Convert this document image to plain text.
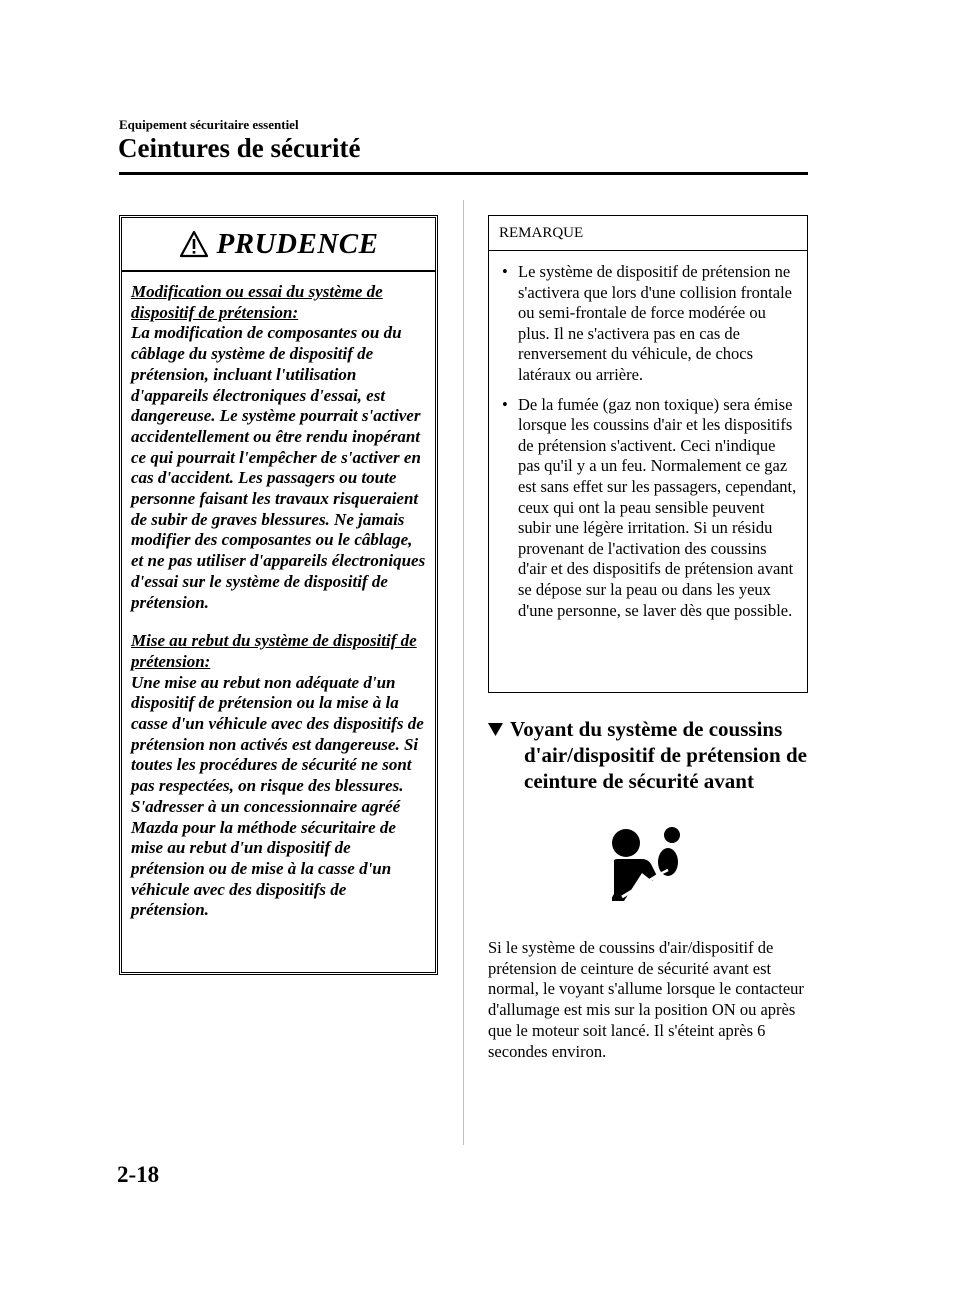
Equipement sécuritaire essentiel
Ceintures de sécurité
PRUDENCE

Modification ou essai du système de dispositif de prétension:

La modification de composantes ou du câblage du système de dispositif de prétension, incluant l'utilisation d'appareils électroniques d'essai, est dangereuse. Le système pourrait s'activer accidentellement ou être rendu inopérant ce qui pourrait l'empêcher de s'activer en cas d'accident. Les passagers ou toute personne faisant les travaux risqueraient de subir de graves blessures. Ne jamais modifier des composantes ou le câblage, et ne pas utiliser d'appareils électroniques d'essai sur le système de dispositif de prétension.

Mise au rebut du système de dispositif de prétension:

Une mise au rebut non adéquate d'un dispositif de prétension ou la mise à la casse d'un véhicule avec des dispositifs de prétension non activés est dangereuse. Si toutes les procédures de sécurité ne sont pas respectées, on risque des blessures. S'adresser à un concessionnaire agréé Mazda pour la méthode sécuritaire de mise au rebut d'un dispositif de prétension ou de mise à la casse d'un véhicule avec des dispositifs de prétension.

REMARQUE
• Le système de dispositif de prétension ne s'activera que lors d'une collision frontale ou semi-frontale de force modérée ou plus. Il ne s'activera pas en cas de renversement du véhicule, de chocs latéraux ou arrière.
• De la fumée (gaz non toxique) sera émise lorsque les coussins d'air et les dispositifs de prétension s'activent. Ceci n'indique pas qu'il y a un feu. Normalement ce gaz est sans effet sur les passagers, cependant, ceux qui ont la peau sensible peuvent subir une légère irritation. Si un résidu provenant de l'activation des coussins d'air et des dispositifs de prétension avant se dépose sur la peau ou dans les yeux d'une personne, se laver dès que possible.
Voyant du système de coussins d'air/dispositif de prétension de ceinture de sécurité avant

Si le système de coussins d'air/dispositif de prétension de ceinture de sécurité avant est normal, le voyant s'allume lorsque le contacteur d'allumage est mis sur la position ON ou après que le moteur soit lancé. Il s'éteint après 6 secondes environ.

2-18
